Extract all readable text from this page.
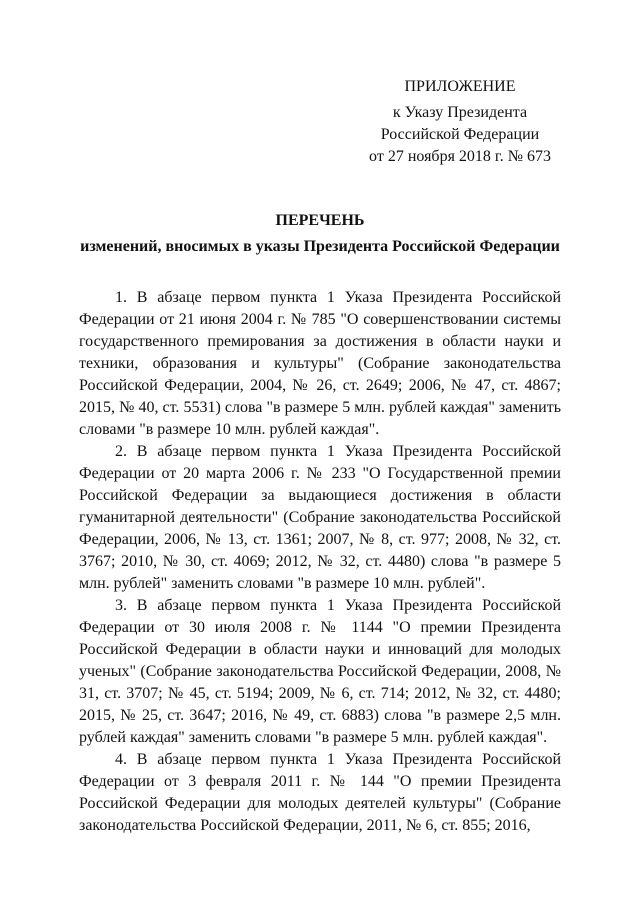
ПРИЛОЖЕНИЕ
к Указу Президента
Российской Федерации
от 27 ноября 2018 г. № 673
ПЕРЕЧЕНЬ
изменений, вносимых в указы Президента Российской Федерации

1. В абзаце первом пункта 1 Указа Президента Российской Федерации от 21 июня 2004 г. № 785 "О совершенствовании системы государственного премирования за достижения в области науки и техники, образования и культуры" (Собрание законодательства Российской Федерации, 2004, № 26, ст. 2649; 2006, № 47, ст. 4867; 2015, № 40, ст. 5531) слова "в размере 5 млн. рублей каждая" заменить словами "в размере 10 млн. рублей каждая".

2. В абзаце первом пункта 1 Указа Президента Российской Федерации от 20 марта 2006 г. № 233 "О Государственной премии Российской Федерации за выдающиеся достижения в области гуманитарной деятельности" (Собрание законодательства Российской Федерации, 2006, № 13, ст. 1361; 2007, № 8, ст. 977; 2008, № 32, ст. 3767; 2010, № 30, ст. 4069; 2012, № 32, ст. 4480) слова "в размере 5 млн. рублей" заменить словами "в размере 10 млн. рублей".

3. В абзаце первом пункта 1 Указа Президента Российской Федерации от 30 июля 2008 г. № 1144 "О премии Президента Российской Федерации в области науки и инноваций для молодых ученых" (Собрание законодательства Российской Федерации, 2008, № 31, ст. 3707; № 45, ст. 5194; 2009, № 6, ст. 714; 2012, № 32, ст. 4480; 2015, № 25, ст. 3647; 2016, № 49, ст. 6883) слова "в размере 2,5 млн. рублей каждая" заменить словами "в размере 5 млн. рублей каждая".

4. В абзаце первом пункта 1 Указа Президента Российской Федерации от 3 февраля 2011 г. № 144 "О премии Президента Российской Федерации для молодых деятелей культуры" (Собрание законодательства Российской Федерации, 2011, № 6, ст. 855; 2016,
